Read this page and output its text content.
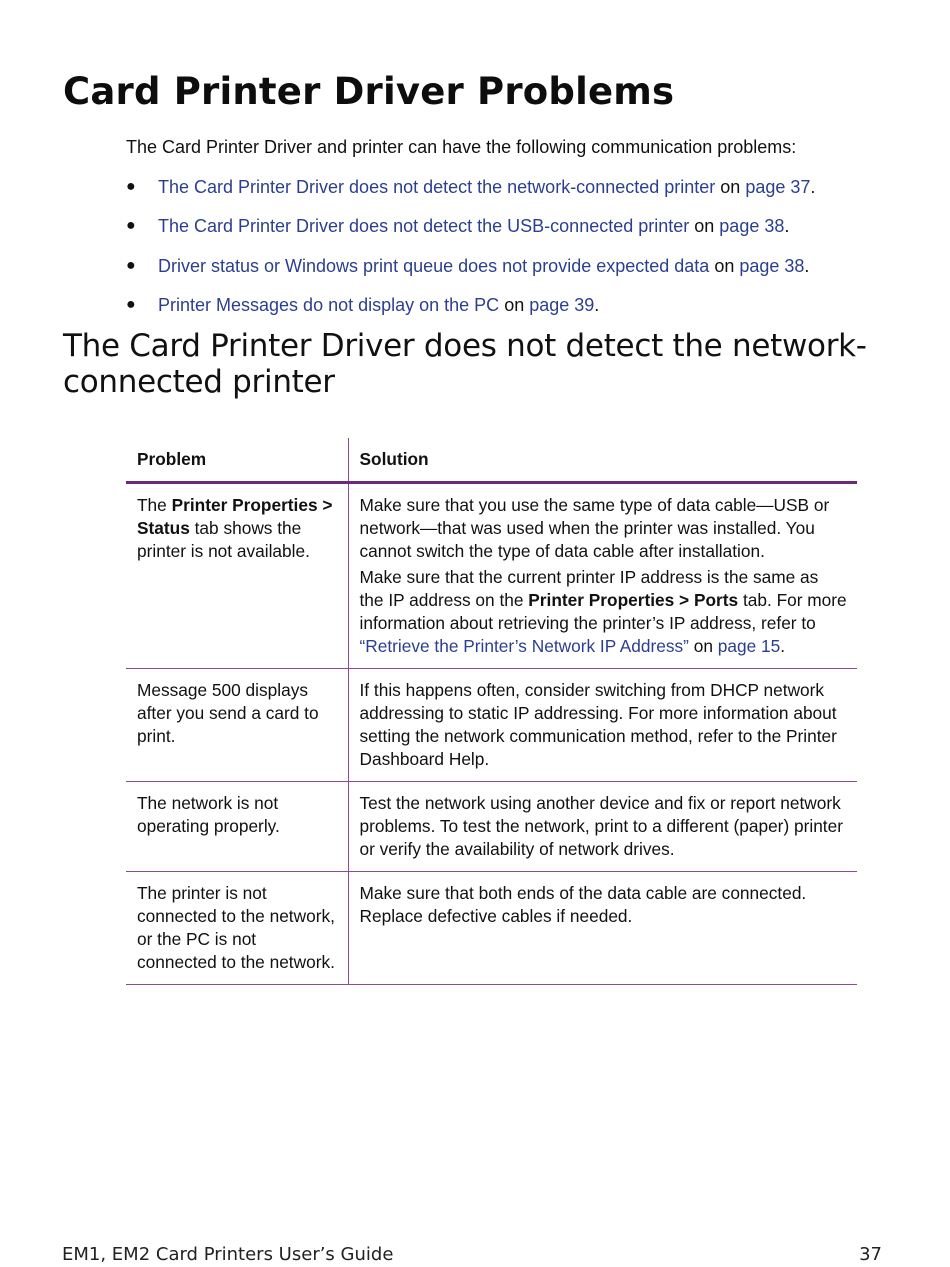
Card Printer Driver Problems

The Card Printer Driver and printer can have the following communication problems:

● The Card Printer Driver does not detect the network-connected printer on page 37.
● The Card Printer Driver does not detect the USB-connected printer on page 38.
● Driver status or Windows print queue does not provide expected data on page 38.
● Printer Messages do not display on the PC on page 39.
The Card Printer Driver does not detect the network-
connected printer
Problem	Solution
The Printer Properties > Status tab shows the printer is not available.	Make sure that you use the same type of data cable—USB or network—that was used when the printer was installed. You cannot switch the type of data cable after installation.
Make sure that the current printer IP address is the same as the IP address on the Printer Properties > Ports tab. For more information about retrieving the printer’s IP address, refer to “Retrieve the Printer’s Network IP Address” on page 15.

Message 500 displays after you send a card to print.	If this happens often, consider switching from DHCP network addressing to static IP addressing. For more information about setting the network communication method, refer to the Printer Dashboard Help.
The network is not operating properly.	Test the network using another device and fix or report network problems. To test the network, print to a different (paper) printer or verify the availability of network drives.
The printer is not connected to the network, or the PC is not connected to the network.	Make sure that both ends of the data cable are connected. Replace defective cables if needed.

EM1, EM2 Card Printers User’s Guide	37
